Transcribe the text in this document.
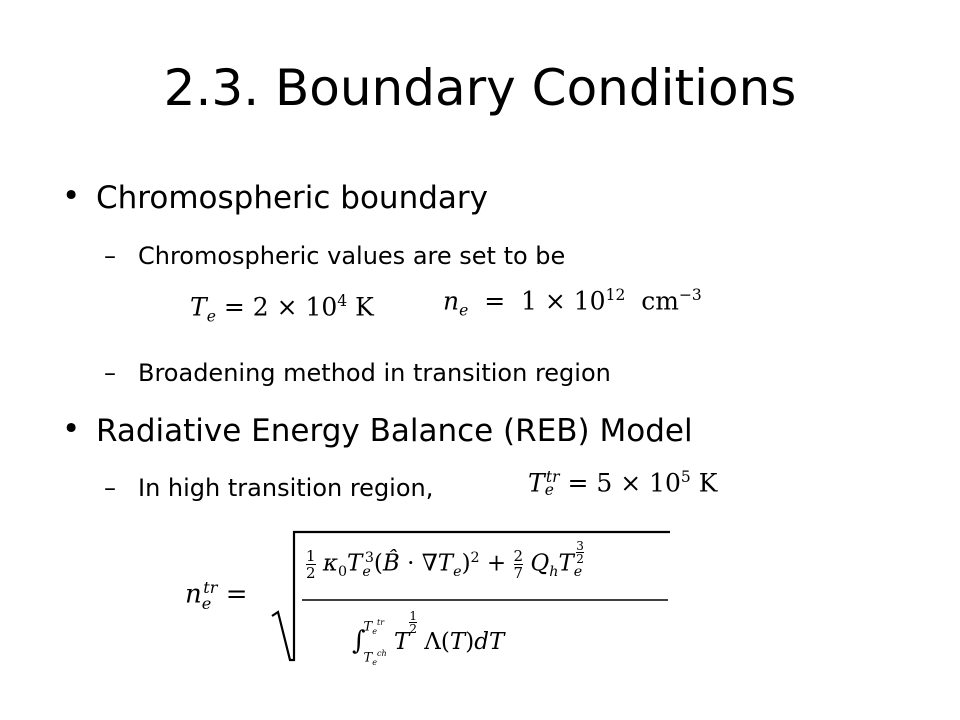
2.3. Boundary Conditions
• Chromospheric boundary
– Chromospheric values are set to be
$T_e = 2 \times 10^4$ K	$n_e = 1 \times 10^{12}$  $cm^{-3}$
– Broadening method in transition region
• Radiative Energy Balance (REB) Model
– In high transition region,	$T_e^{tr} = 5 \times 10^5$ K
$n_e^{tr}$ =
$\frac{1}{2}$ $\kappa_0T_e^3(B̂ \cdot \nabla T_e)^2 + \frac{2}{7} Q_hT_e$
$\frac{3}{2}$
∫
$T_e^{tr}$
$T_e^{ch}$ T
$\frac{1}{2}$
Λ(T)dT
